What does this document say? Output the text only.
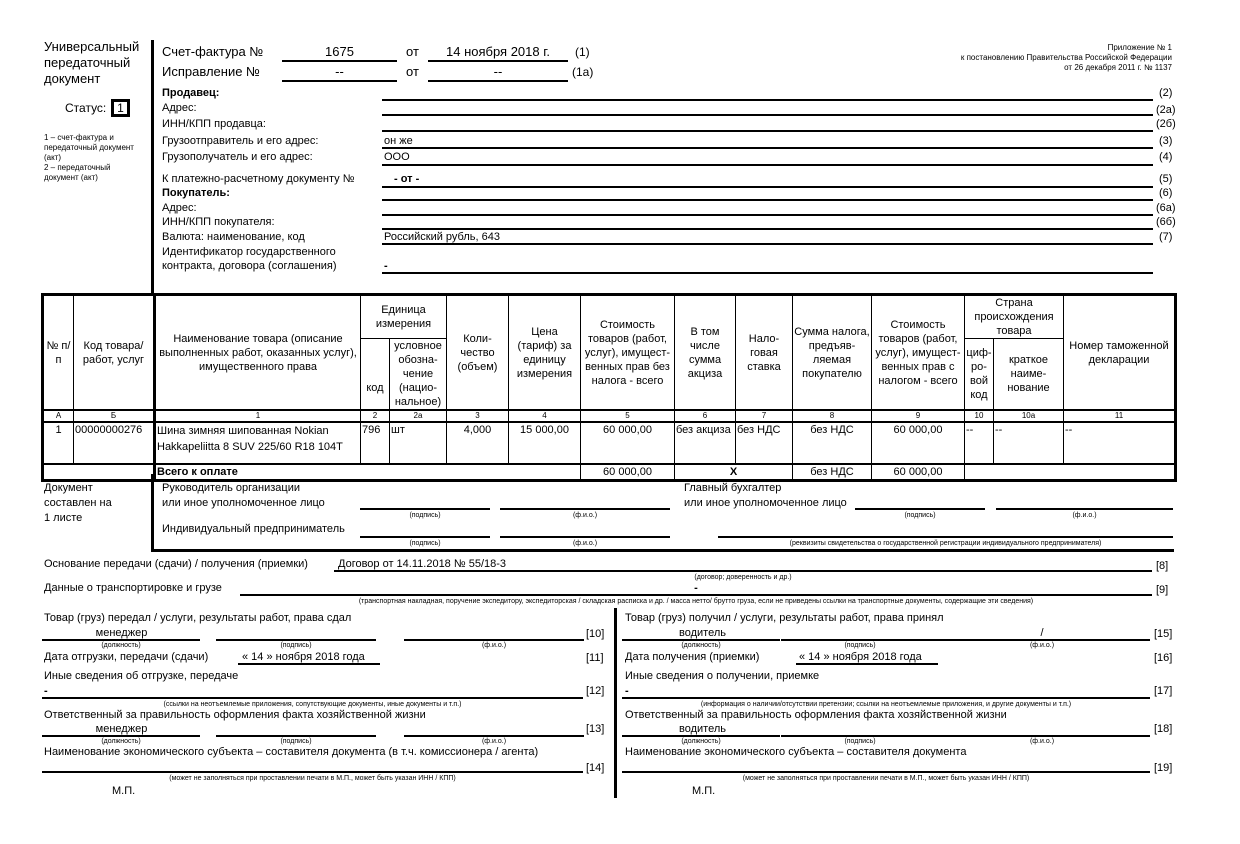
Универсальный
передаточный
документ
Статус: 1
1 – счет-фактура и
передаточный документ
(акт)
2 – передаточный
документ (акт)
Приложение № 1
к постановлению Правительства Российской Федерации
от 26 декабря 2011 г. № 1137
Счет-фактура №	1675	от	14 ноября 2018 г.	(1)
Исправление №	--	от	--	(1а)
Продавец:	(2)
Адрес:	(2а)
ИНН/КПП продавца:	(2б)
Грузоотправитель и его адрес:	он же	(3)
Грузополучатель и его адрес:	ООО	(4)
К платежно-расчетному документу №	- от -	(5)
Покупатель:	(6)
Адрес:	(6а)
ИНН/КПП покупателя:	(6б)
Валюта: наименование, код	Российский рубль, 643	(7)
Идентификатор государственного
контракта, договора (соглашения)	-
№ п/п	Код товара/ работ, услуг	Наименование товара (описание выполненных работ, оказанных услуг), имущественного права	Единица измерения		Коли-чество (объем)	Цена (тариф) за единицу измерения	Стоимость товаров (работ, услуг), имущест-венных прав без налога - всего	В том числе сумма акциза	Нало-говая ставка	Сумма налога, предъяв-ляемая покупателю	Стоимость товаров (работ, услуг), имущест-венных прав с налогом - всего	Страна происхождения товара		Номер таможенной декларации
			код	условное обозна-чение (нацио-нальное)								циф-ро-вой код	краткое наиме-нование	
А	Б	1	2	2а	3	4	5	6	7	8	9	10	10а	11
1	00000000276	Шина зимняя шипованная Nokian Hakkapeliitta 8 SUV 225/60 R18 104T	796	шт	4,000	15 000,00	60 000,00	без акциза	без НДС	без НДС	60 000,00	--	--	--
		Всего к оплате					60 000,00	X		без НДС	60 000,00			
Документ
составлен на
1 листе
Руководитель организации
или иное уполномоченное лицо
(подпись)	(ф.и.о.)
Индивидуальный предприниматель
(подпись)	(ф.и.о.)
Главный бухгалтер
или иное уполномоченное лицо
(подпись)	(ф.и.о.)
(реквизиты свидетельства о государственной регистрации индивидуального предпринимателя)
Основание передачи (сдачи) / получения (приемки)	Договор от 14.11.2018 № 55/18-3	[8]
(договор; доверенность и др.)
Данные о транспортировке и грузе	-	[9]
(транспортная накладная, поручение экспедитору, экспедиторская / складская расписка и др. / масса нетто/ брутто груза, если не приведены ссылки на транспортные документы, содержащие эти сведения)
Товар (груз) передал / услуги, результаты работ, права сдал
менеджер
(должность)	(подпись)	(ф.и.о.)
[10]
Дата отгрузки, передачи (сдачи)	« 14 » ноября 2018 года	[11]
Иные сведения об отгрузке, передаче
-	[12]
(ссылки на неотъемлемые приложения, сопутствующие документы, иные документы и т.п.)
Ответственный за правильность оформления факта хозяйственной жизни
менеджер
(должность)	(подпись)	(ф.и.о.)
[13]
Наименование экономического субъекта – составителя документа (в т.ч. комиссионера / агента)
[14]
(может не заполняться при проставлении печати в М.П., может быть указан ИНН / КПП)
М.П.
Товар (груз) получил / услуги, результаты работ, права принял
водитель
(должность)	(подпись)
/
(ф.и.о.)
[15]
Дата получения (приемки)	« 14 » ноября 2018 года	[16]
Иные сведения о получении, приемке
-	[17]
(информация о наличии/отсутствии претензии; ссылки на неотъемлемые приложения, и другие документы и т.п.)
Ответственный за правильность оформления факта хозяйственной жизни
водитель
(должность)	(подпись)	(ф.и.о.)
[18]
Наименование экономического субъекта – составителя документа
[19]
(может не заполняться при проставлении печати в М.П., может быть указан ИНН / КПП)
М.П.
